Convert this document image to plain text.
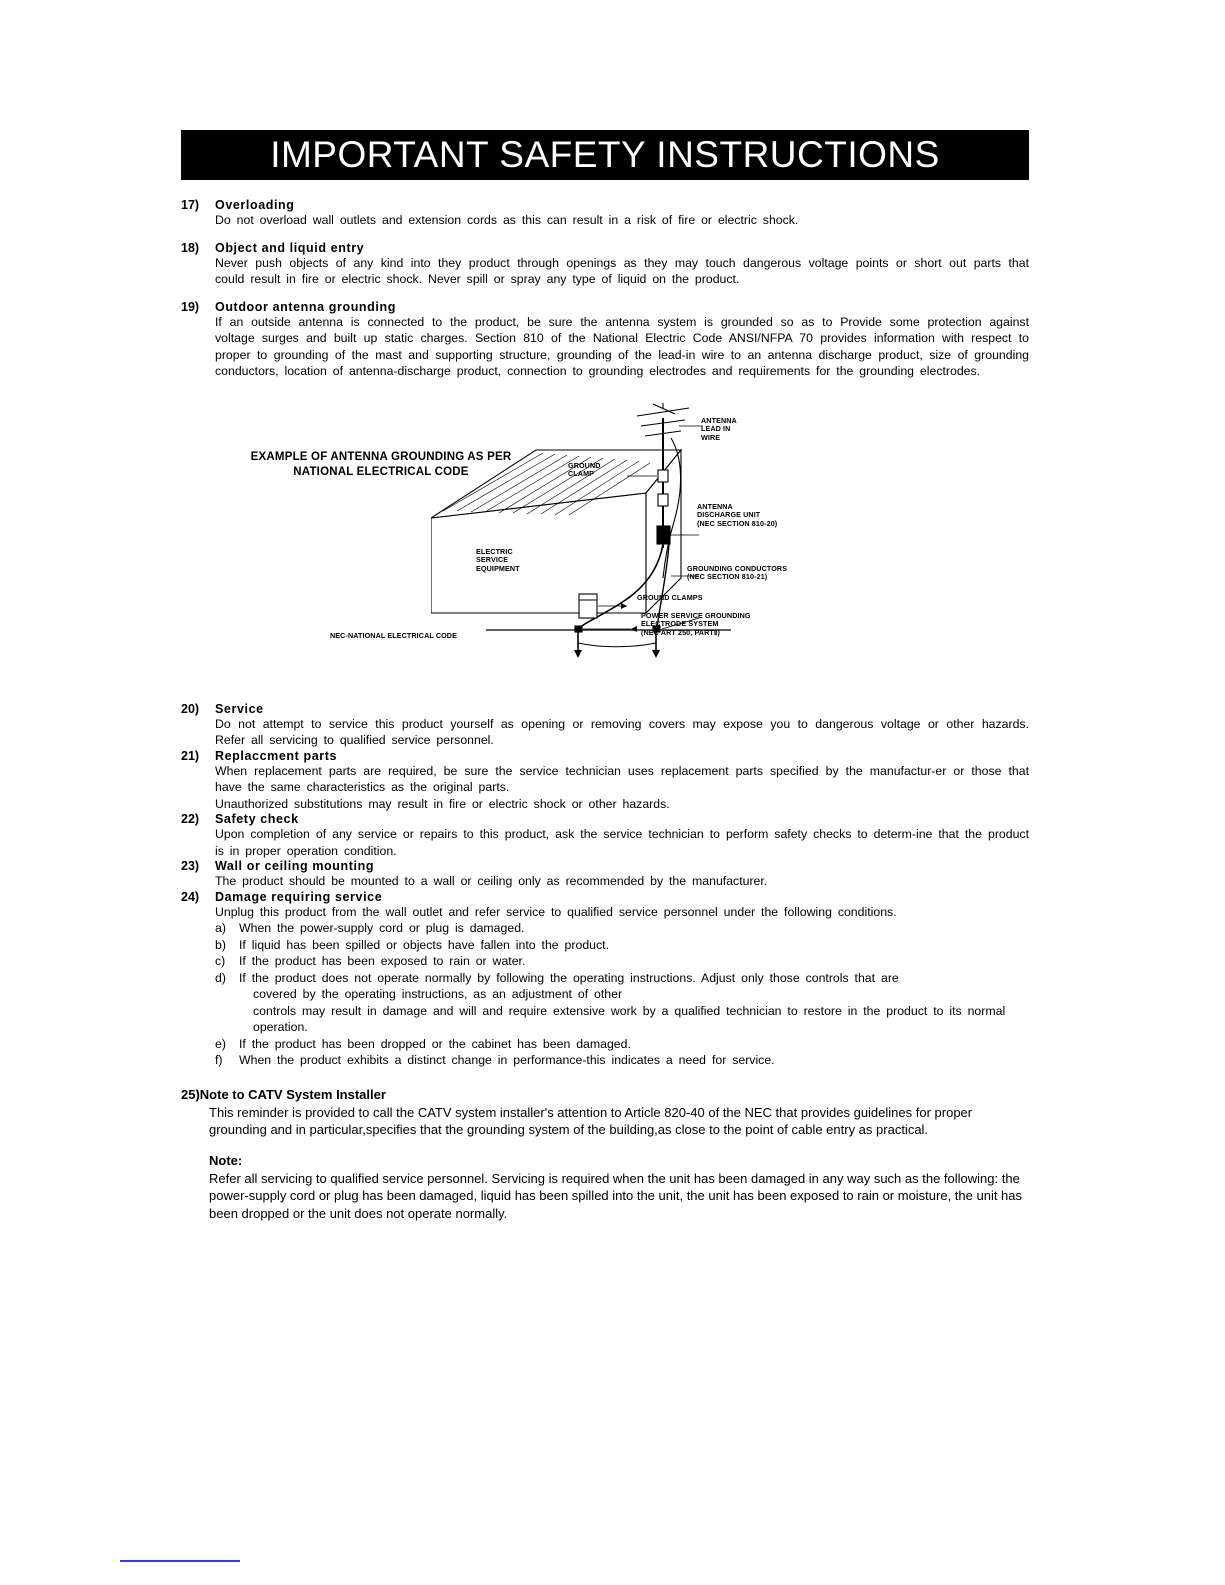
IMPORTANT SAFETY INSTRUCTIONS
17)	Overloading

Do not overload wall outlets and extension cords as this can result in a risk of fire or electric shock.

18)	Object and liquid entry

Never push objects of any kind into they product through openings as they may touch dangerous voltage points or short out parts that could result in fire or electric shock. Never spill or spray any type of liquid on the product.

19)	Outdoor antenna grounding

If an outside antenna is connected to the product, be sure the antenna system is grounded so as to Provide some protection against voltage surges and built up static charges. Section 810 of the National Electric Code ANSI/NFPA 70 provides information with respect to proper to grounding of the mast and supporting structure, grounding of the lead-in wire to an antenna discharge product, size of grounding conductors, location of antenna-discharge product, connection to grounding electrodes and requirements for the grounding electrodes.

EXAMPLE OF ANTENNA GROUNDING AS PER
NATIONAL ELECTRICAL CODE
ANTENNA
LEAD IN
WIRE
GROUND
CLAMP
ANTENNA
DISCHARGE UNIT
(NEC SECTION 810-20)
GROUNDING CONDUCTORS
(NEC SECTION 810-21)
ELECTRIC
SERVICE
EQUIPMENT
GROUND CLAMPS
POWER SERVICE GROUNDING
ELECTRODE SYSTEM
(NEC ART 250, PARTⅡ)
NEC-NATIONAL ELECTRICAL CODE
20)	Service

Do not attempt to service this product yourself as opening or removing covers may expose you to dangerous voltage or other hazards. Refer all servicing to qualified service personnel.

21)	Replaccment parts

When replacement parts are required, be sure the service technician uses replacement parts specified by the manufactur-er or those that have the same characteristics as the original parts.

Unauthorized substitutions may result in fire or electric shock or other hazards.

22)	Safety check

Upon completion of any service or repairs to this product, ask the service technician to perform safety checks to determ-ine that the product is in proper operation condition.

23)	Wall or ceiling mounting

The product should be mounted to a wall or ceiling only as recommended by the manufacturer.

24)	Damage requiring service

Unplug this product from the wall outlet and refer service to qualified service personnel under the following conditions.

a)	When the power-supply cord or plug is damaged.
b)	If liquid has been spilled or objects have fallen into the product.
c)	If the product has been exposed to rain or water.
d)	If the product does not operate normally by following the operating instructions. Adjust only those controls that are
covered by the operating instructions, as an adjustment of other
controls may result in damage and will and require extensive work by a qualified technician to restore in the product to its normal operation.
e)	If the product has been dropped or the cabinet has been damaged.
f)	When the product exhibits a distinct change in performance-this indicates a need for service.
25)Note to CATV System Installer
This reminder is provided to call the CATV system installer's attention to Article 820-40 of the NEC that provides guidelines for proper grounding and in particular,specifies that the grounding system of the building,as close to the point of cable entry as practical.
Note:
Refer all servicing to qualified service personnel. Servicing is required when the unit has been damaged in any way such as the following: the power-supply cord or plug has been damaged, liquid has been spilled into the unit, the unit has been exposed to rain or moisture, the unit has been dropped or the unit does not operate normally.
